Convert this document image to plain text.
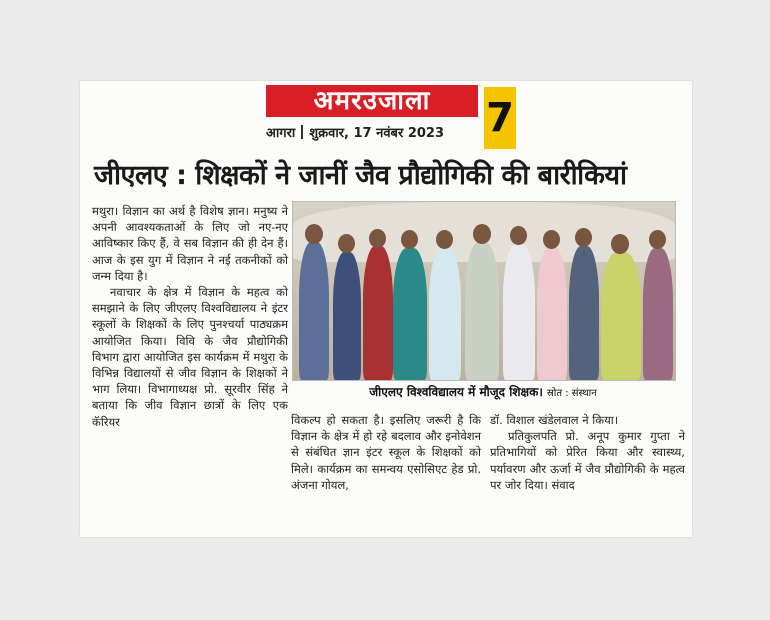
अमरउजाला	7
आगरा शुक्रवार, 17 नवंबर 2023
जीएलए : शिक्षकों ने जानीं जैव प्रौद्योगिकी की बारीकियां

मथुरा। विज्ञान का अर्थ है विशेष ज्ञान। मनुष्य ने अपनी आवश्यकताओं के लिए जो नए-नए आविष्कार किए हैं, वे सब विज्ञान की ही देन हैं। आज के इस युग में विज्ञान ने नई तकनीकों को जन्म दिया है।

नवाचार के क्षेत्र में विज्ञान के महत्व को समझाने के लिए जीएलए विश्वविद्यालय ने इंटर स्कूलों के शिक्षकों के लिए पुनश्चर्या पाठ्यक्रम आयोजित किया। विवि के जैव प्रौद्योगिकी विभाग द्वारा आयोजित इस कार्यक्रम में मथुरा के विभिन्न विद्यालयों से जीव विज्ञान के शिक्षकों ने भाग लिया। विभागाध्यक्ष प्रो. सूरवीर सिंह ने बताया कि जीव विज्ञान छात्रों के लिए एक कॅरियर

जीएलए विश्वविद्यालय में मौजूद शिक्षक। स्रोत : संस्थान

विकल्प हो सकता है। इसलिए जरूरी है कि विज्ञान के क्षेत्र में हो रहे बदलाव और इनोवेशन से संबंधित ज्ञान इंटर स्कूल के शिक्षकों को मिले। कार्यक्रम का समन्वय एसोसिएट हेड प्रो. अंजना गोयल,

डॉ. विशाल खंडेलवाल ने किया।

प्रतिकुलपति प्रो. अनूप कुमार गुप्ता ने प्रतिभागियों को प्रेरित किया और स्वास्थ्य, पर्यावरण और ऊर्जा में जैव प्रौद्योगिकी के महत्व पर जोर दिया। संवाद
